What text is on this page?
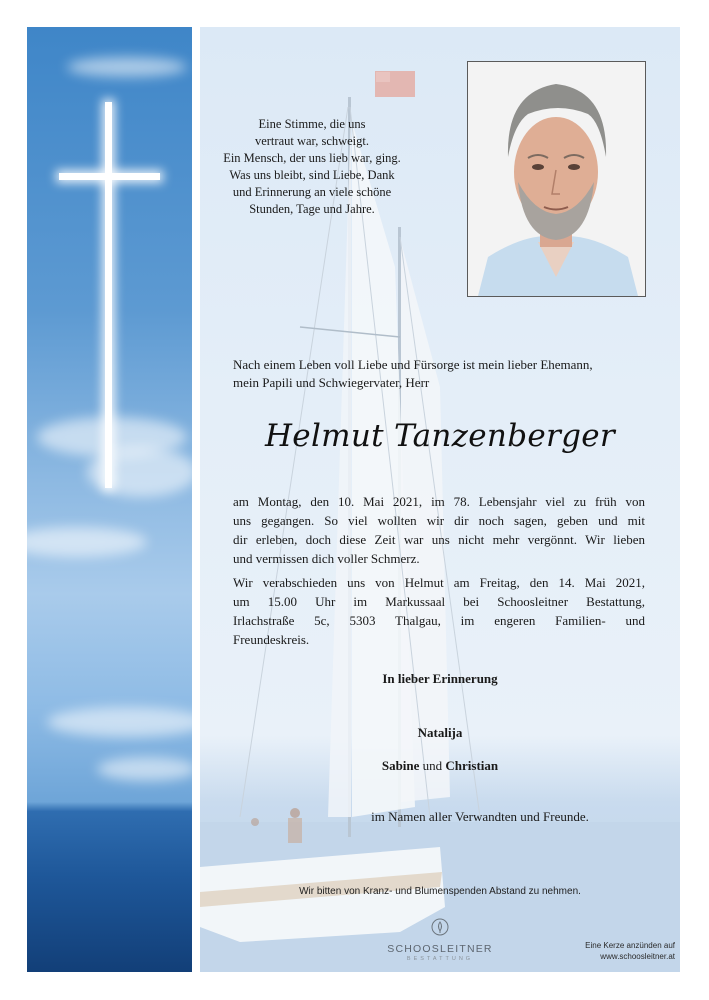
Eine Stimme, die uns
vertraut war, schweigt.
Ein Mensch, der uns lieb war, ging.
Was uns bleibt, sind Liebe, Dank
und Erinnerung an viele schöne
Stunden, Tage und Jahre.
Nach einem Leben voll Liebe und Fürsorge ist mein lieber Ehemann,
mein Papili und Schwiegervater, Herr
Helmut Tanzenberger
am Montag, den 10. Mai 2021, im 78. Lebensjahr viel zu früh von
uns gegangen. So viel wollten wir dir noch sagen, geben und mit
dir erleben, doch diese Zeit war uns nicht mehr vergönnt. Wir lieben
und vermissen dich voller Schmerz.
Wir verabschieden uns von Helmut am Freitag, den 14. Mai 2021,
um 15.00 Uhr im Markussaal bei Schoosleitner Bestattung,
Irlachstraße 5c, 5303 Thalgau, im engeren Familien- und
Freundeskreis.
In lieber Erinnerung
Natalija
Sabine und Christian
im Namen aller Verwandten und Freunde.
Wir bitten von Kranz- und Blumenspenden Abstand zu nehmen.
SCHOOSLEITNER
BESTATTUNG
Eine Kerze anzünden auf
www.schoosleitner.at
